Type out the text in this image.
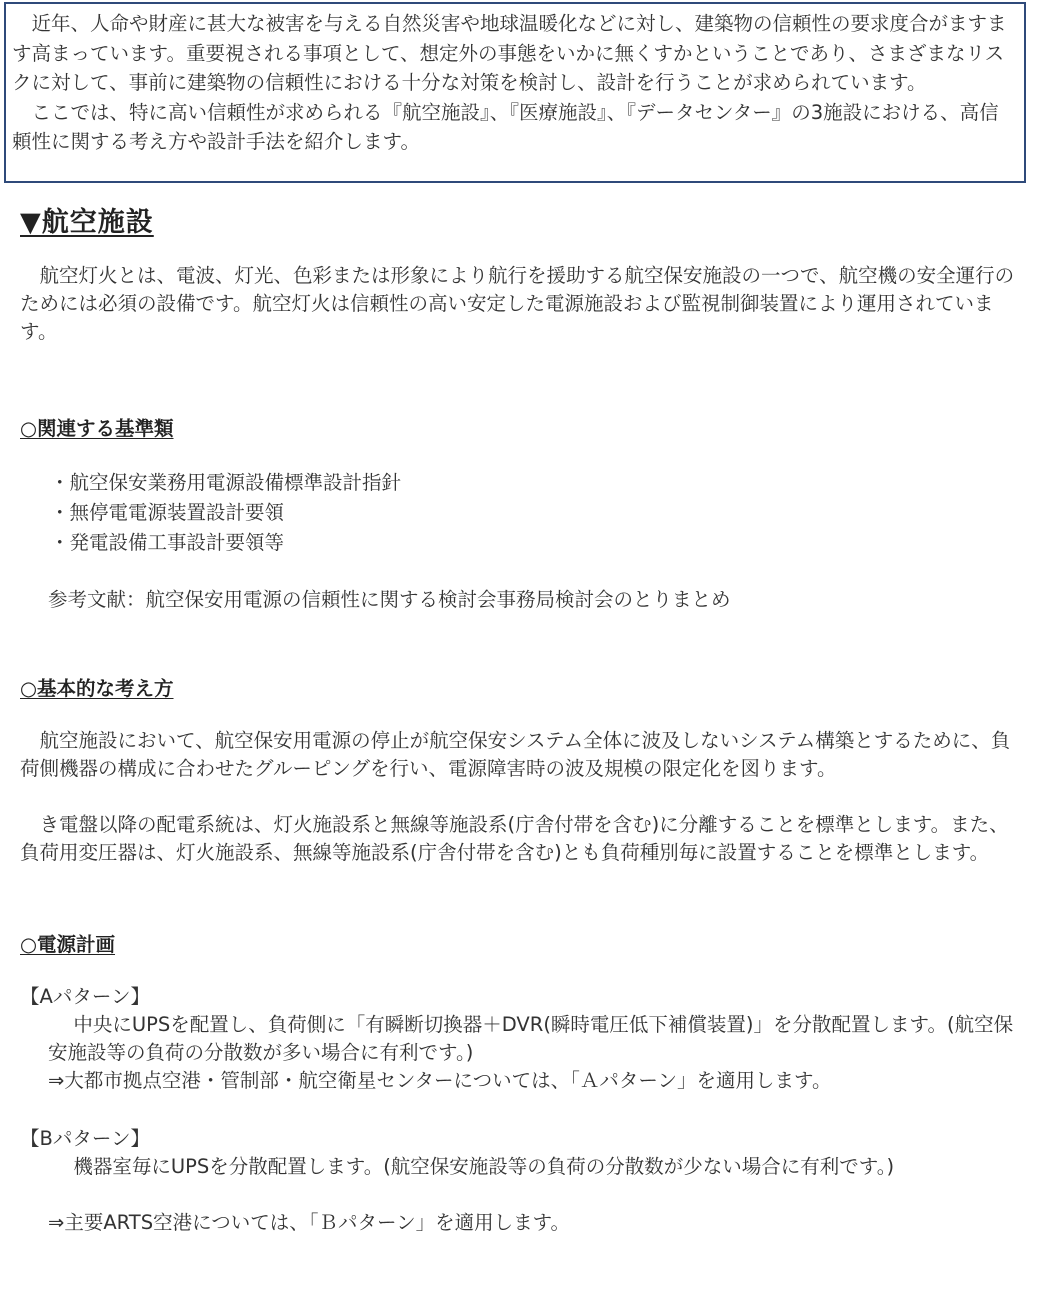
近年、人命や財産に甚大な被害を与える自然災害や地球温暖化などに対し、建築物の信頼性の要求度合がますます高まっています。重要視される事項として、想定外の事態をいかに無くすかということであり、さまざまなリスクに対して、事前に建築物の信頼性における十分な対策を検討し、設計を行うことが求められています。

ここでは、特に高い信頼性が求められる『航空施設』、『医療施設』、『データセンター』の3施設における、高信頼性に関する考え方や設計手法を紹介します。

▼航空施設

航空灯火とは、電波、灯光、色彩または形象により航行を援助する航空保安施設の一つで、航空機の安全運行のためには必須の設備です。航空灯火は信頼性の高い安定した電源施設および監視制御装置により運用されています。

○関連する基準類
・ 航空保安業務用電源設備標準設計指針
・ 無停電電源装置設計要領
・ 発電設備工事設計要領等

参考文献：航空保安用電源の信頼性に関する検討会事務局検討会のとりまとめ

○基本的な考え方

航空施設において、航空保安用電源の停止が航空保安システム全体に波及しないシステム構築とするために、負荷側機器の構成に合わせたグルーピングを行い、電源障害時の波及規模の限定化を図ります。

き電盤以降の配電系統は、灯火施設系と無線等施設系(庁舎付帯を含む)に分離することを標準とします。また、負荷用変圧器は、灯火施設系、無線等施設系(庁舎付帯を含む)とも負荷種別毎に設置することを標準とします。

○電源計画

【Aパターン】

中央にUPSを配置し、負荷側に「有瞬断切換器＋DVR(瞬時電圧低下補償装置)」を分散配置します。(航空保安施設等の負荷の分散数が多い場合に有利です。)

⇒大都市拠点空港・管制部・航空衛星センターについては、「Ａパターン」を適用します。

【Bパターン】

機器室毎にUPSを分散配置します。(航空保安施設等の負荷の分散数が少ない場合に有利です。)

⇒主要ARTS空港については、「Ｂパターン」を適用します。
